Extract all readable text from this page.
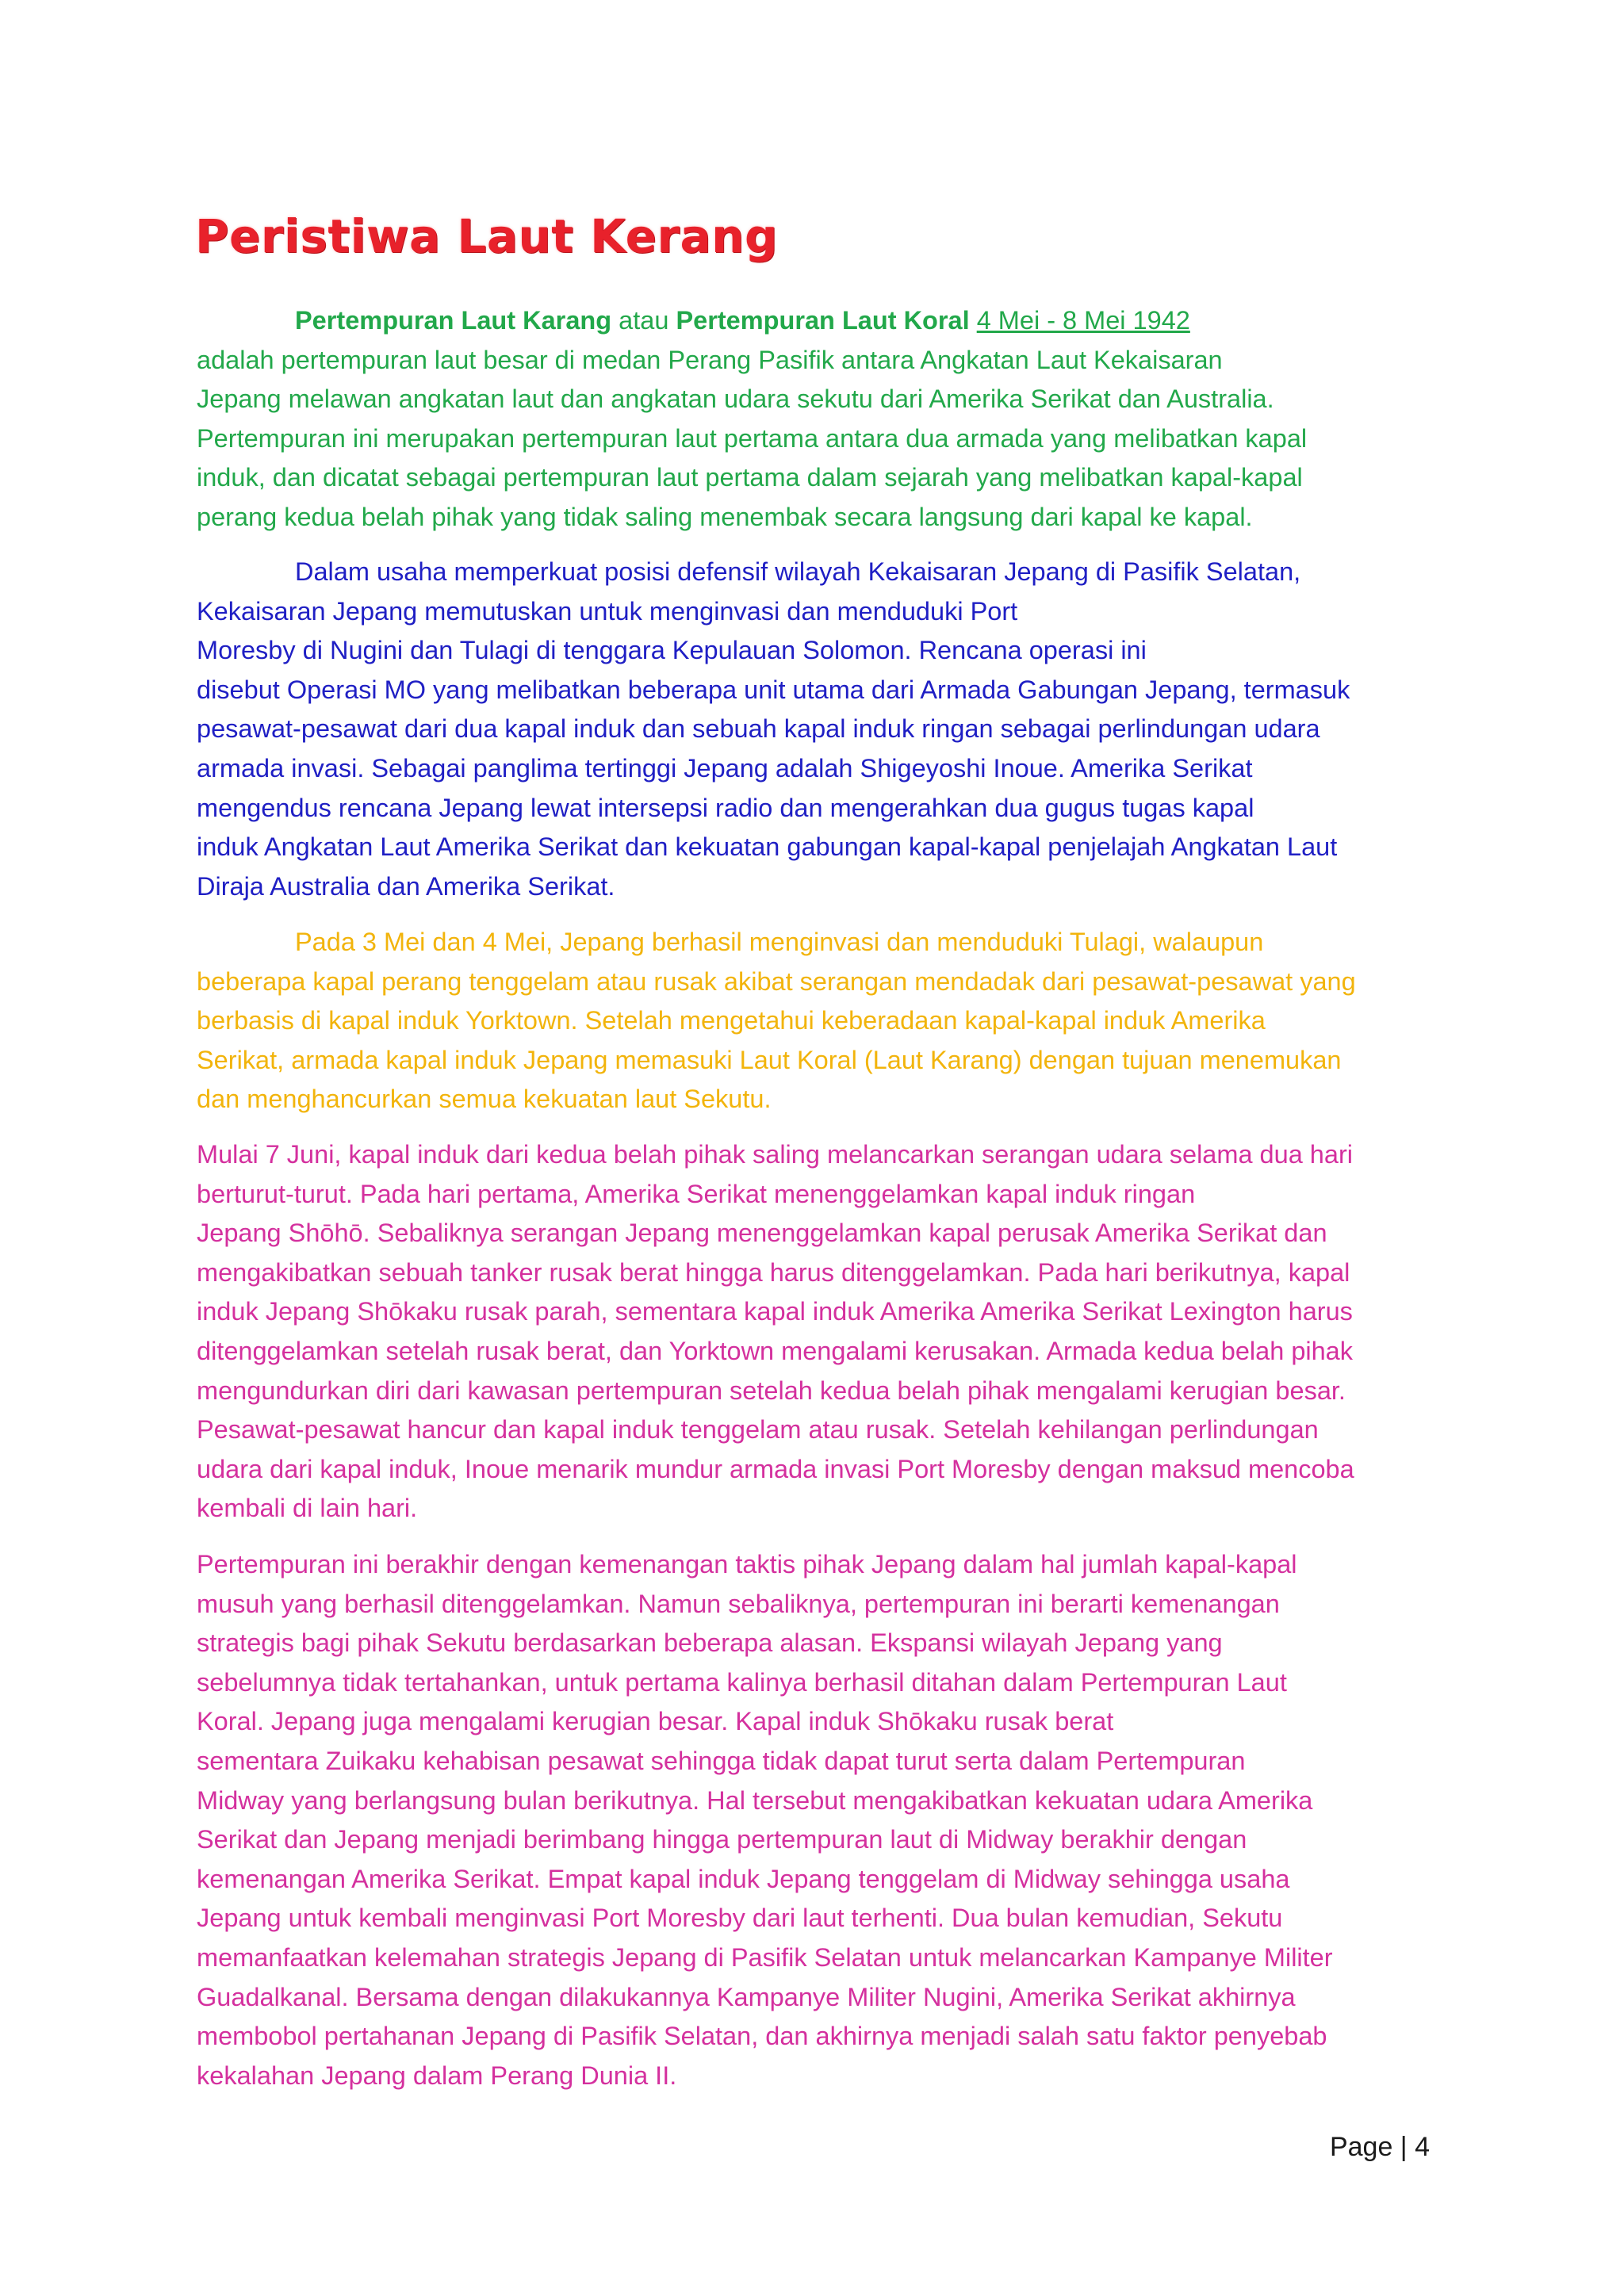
Peristiwa Laut Kerang
Pertempuran Laut Karang atau Pertempuran Laut Koral 4 Mei - 8 Mei 1942
adalah pertempuran laut besar di medan Perang Pasifik antara Angkatan Laut Kekaisaran
Jepang melawan angkatan laut dan angkatan udara sekutu dari Amerika Serikat dan Australia.
Pertempuran ini merupakan pertempuran laut pertama antara dua armada yang melibatkan kapal
induk, dan dicatat sebagai pertempuran laut pertama dalam sejarah yang melibatkan kapal-kapal
perang kedua belah pihak yang tidak saling menembak secara langsung dari kapal ke kapal.
Dalam usaha memperkuat posisi defensif wilayah Kekaisaran Jepang di Pasifik Selatan,
Kekaisaran Jepang memutuskan untuk menginvasi dan menduduki Port
Moresby di Nugini dan Tulagi di tenggara Kepulauan Solomon. Rencana operasi ini
disebut Operasi MO yang melibatkan beberapa unit utama dari Armada Gabungan Jepang, termasuk
pesawat-pesawat dari dua kapal induk dan sebuah kapal induk ringan sebagai perlindungan udara
armada invasi. Sebagai panglima tertinggi Jepang adalah Shigeyoshi Inoue. Amerika Serikat
mengendus rencana Jepang lewat intersepsi radio dan mengerahkan dua gugus tugas kapal
induk Angkatan Laut Amerika Serikat dan kekuatan gabungan kapal-kapal penjelajah Angkatan Laut
Diraja Australia dan Amerika Serikat.
Pada 3 Mei dan 4 Mei, Jepang berhasil menginvasi dan menduduki Tulagi, walaupun
beberapa kapal perang tenggelam atau rusak akibat serangan mendadak dari pesawat-pesawat yang
berbasis di kapal induk Yorktown. Setelah mengetahui keberadaan kapal-kapal induk Amerika
Serikat, armada kapal induk Jepang memasuki Laut Koral (Laut Karang) dengan tujuan menemukan
dan menghancurkan semua kekuatan laut Sekutu.
Mulai 7 Juni, kapal induk dari kedua belah pihak saling melancarkan serangan udara selama dua hari
berturut-turut. Pada hari pertama, Amerika Serikat menenggelamkan kapal induk ringan
Jepang Shōhō. Sebaliknya serangan Jepang menenggelamkan kapal perusak Amerika Serikat dan
mengakibatkan sebuah tanker rusak berat hingga harus ditenggelamkan. Pada hari berikutnya, kapal
induk Jepang Shōkaku rusak parah, sementara kapal induk Amerika Amerika Serikat Lexington harus
ditenggelamkan setelah rusak berat, dan Yorktown mengalami kerusakan. Armada kedua belah pihak
mengundurkan diri dari kawasan pertempuran setelah kedua belah pihak mengalami kerugian besar.
Pesawat-pesawat hancur dan kapal induk tenggelam atau rusak. Setelah kehilangan perlindungan
udara dari kapal induk, Inoue menarik mundur armada invasi Port Moresby dengan maksud mencoba
kembali di lain hari.
Pertempuran ini berakhir dengan kemenangan taktis pihak Jepang dalam hal jumlah kapal-kapal
musuh yang berhasil ditenggelamkan. Namun sebaliknya, pertempuran ini berarti kemenangan
strategis bagi pihak Sekutu berdasarkan beberapa alasan. Ekspansi wilayah Jepang yang
sebelumnya tidak tertahankan, untuk pertama kalinya berhasil ditahan dalam Pertempuran Laut
Koral. Jepang juga mengalami kerugian besar. Kapal induk Shōkaku rusak berat
sementara Zuikaku kehabisan pesawat sehingga tidak dapat turut serta dalam Pertempuran
Midway yang berlangsung bulan berikutnya. Hal tersebut mengakibatkan kekuatan udara Amerika
Serikat dan Jepang menjadi berimbang hingga pertempuran laut di Midway berakhir dengan
kemenangan Amerika Serikat. Empat kapal induk Jepang tenggelam di Midway sehingga usaha
Jepang untuk kembali menginvasi Port Moresby dari laut terhenti. Dua bulan kemudian, Sekutu
memanfaatkan kelemahan strategis Jepang di Pasifik Selatan untuk melancarkan Kampanye Militer
Guadalkanal. Bersama dengan dilakukannya Kampanye Militer Nugini, Amerika Serikat akhirnya
membobol pertahanan Jepang di Pasifik Selatan, dan akhirnya menjadi salah satu faktor penyebab
kekalahan Jepang dalam Perang Dunia II.
Page | 4
